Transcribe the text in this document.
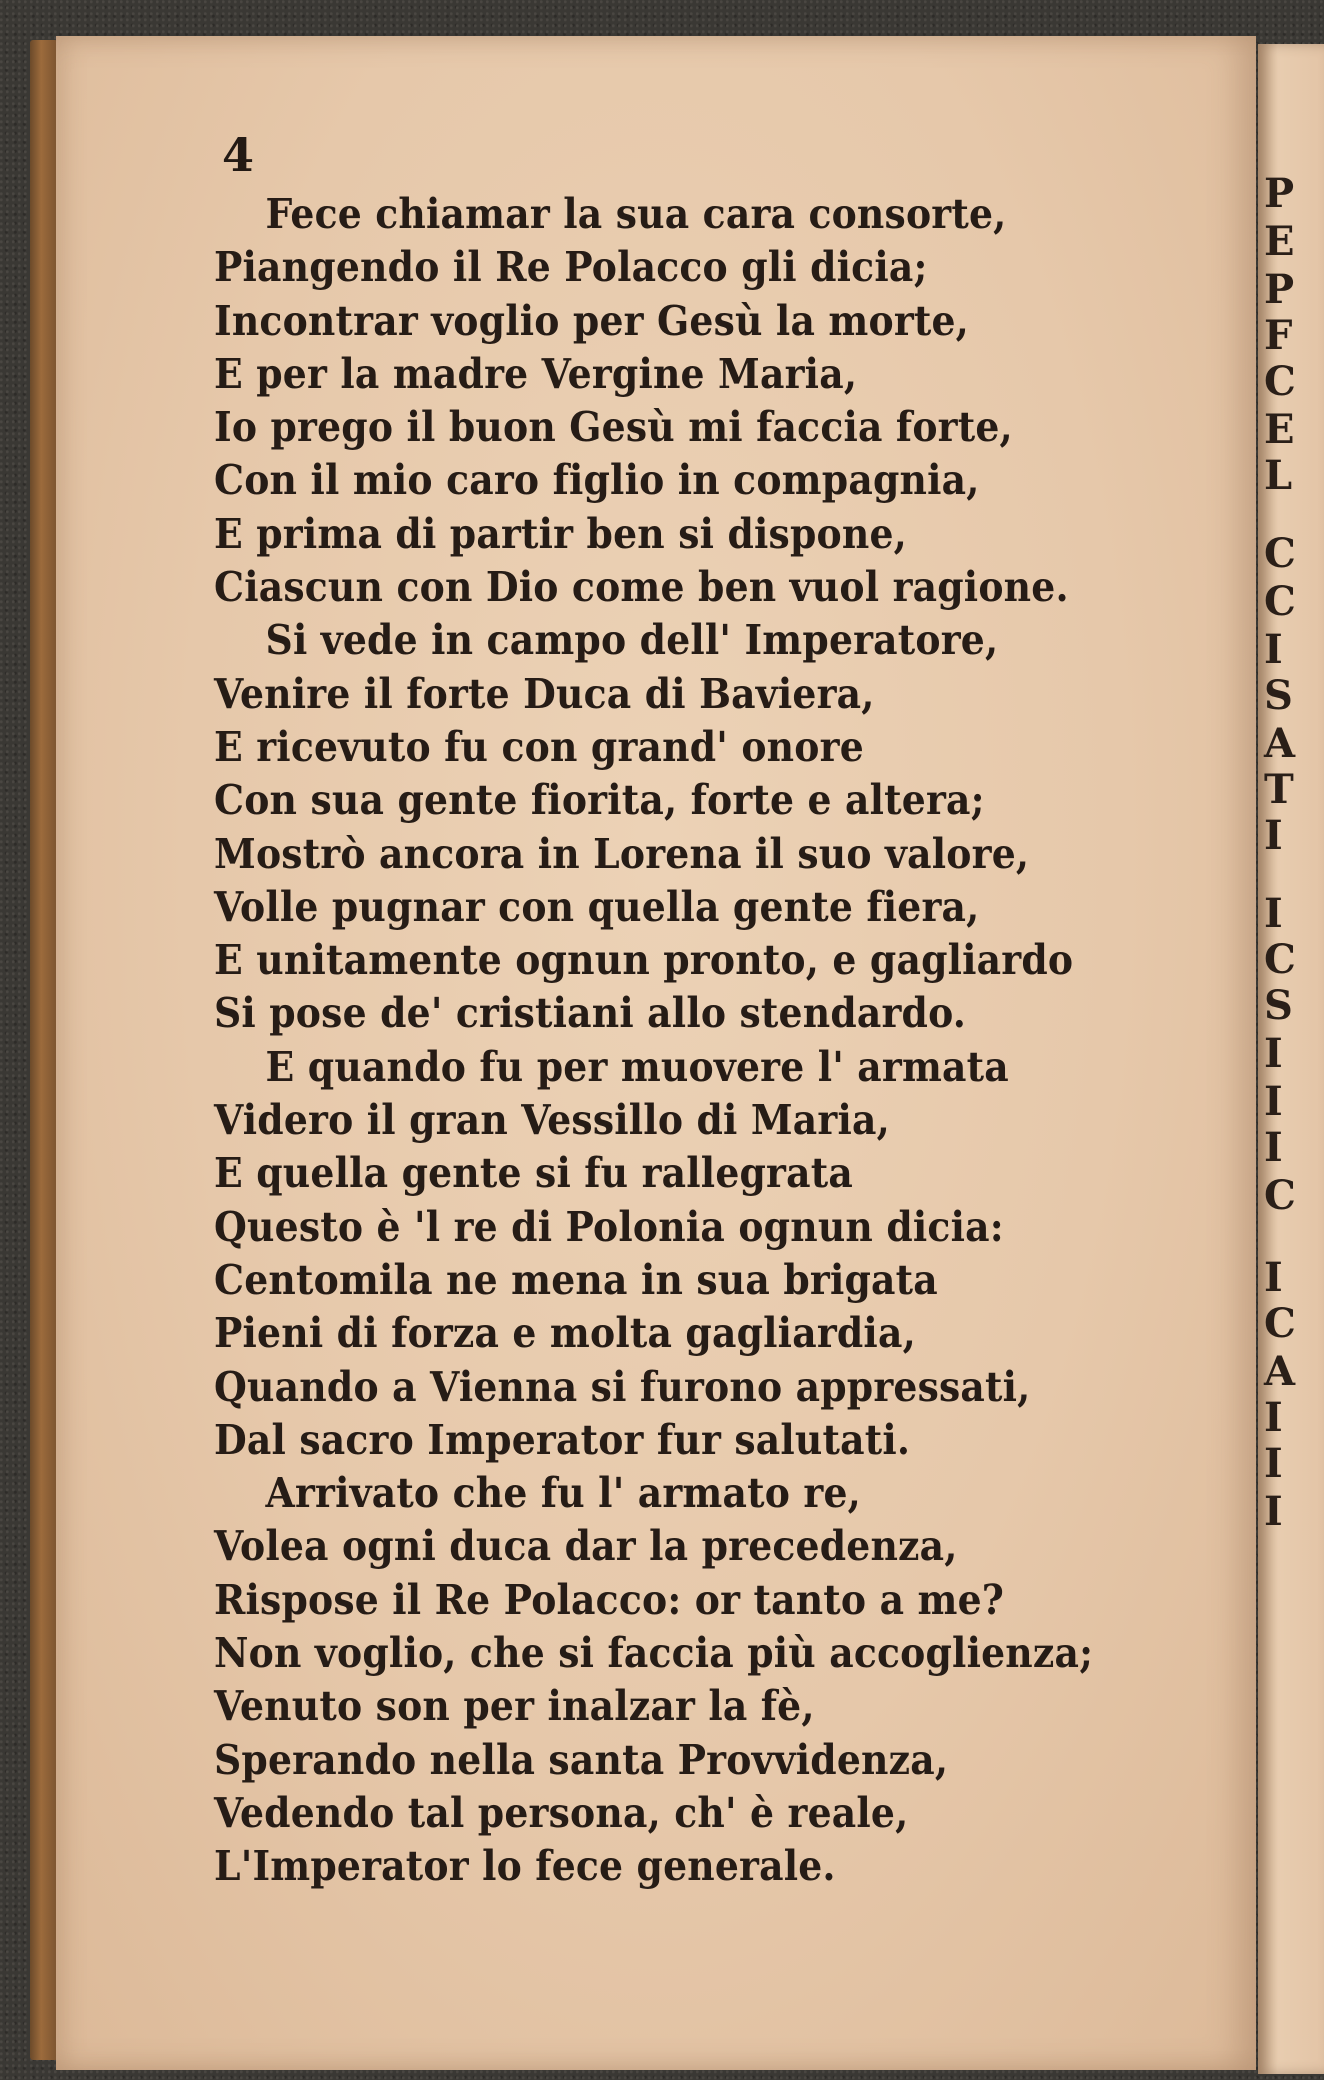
P
E
P
F
C
E
L
C
C
I
S
A
T
I
I
C
S
I
I
I
C
I
C
A
I
I
I
4
Fece chiamar la sua cara consorte,
Piangendo il Re Polacco gli dicia;
Incontrar voglio per Gesù la morte,
E per la madre Vergine Maria,
Io prego il buon Gesù mi faccia forte,
Con il mio caro figlio in compagnia,
E prima di partir ben si dispone,
Ciascun con Dio come ben vuol ragione.
Si vede in campo dell' Imperatore,
Venire il forte Duca di Baviera,
E ricevuto fu con grand' onore
Con sua gente fiorita, forte e altera;
Mostrò ancora in Lorena il suo valore,
Volle pugnar con quella gente fiera,
E unitamente ognun pronto, e gagliardo
Si pose de' cristiani allo stendardo.
E quando fu per muovere l' armata
Videro il gran Vessillo di Maria,
E quella gente si fu rallegrata
Questo è 'l re di Polonia ognun dicia:
Centomila ne mena in sua brigata
Pieni di forza e molta gagliardia,
Quando a Vienna si furono appressati,
Dal sacro Imperator fur salutati.
Arrivato che fu l' armato re,
Volea ogni duca dar la precedenza,
Rispose il Re Polacco: or tanto a me?
Non voglio, che si faccia più accoglienza;
Venuto son per inalzar la fè,
Sperando nella santa Provvidenza,
Vedendo tal persona, ch' è reale,
L'Imperator lo fece generale.
